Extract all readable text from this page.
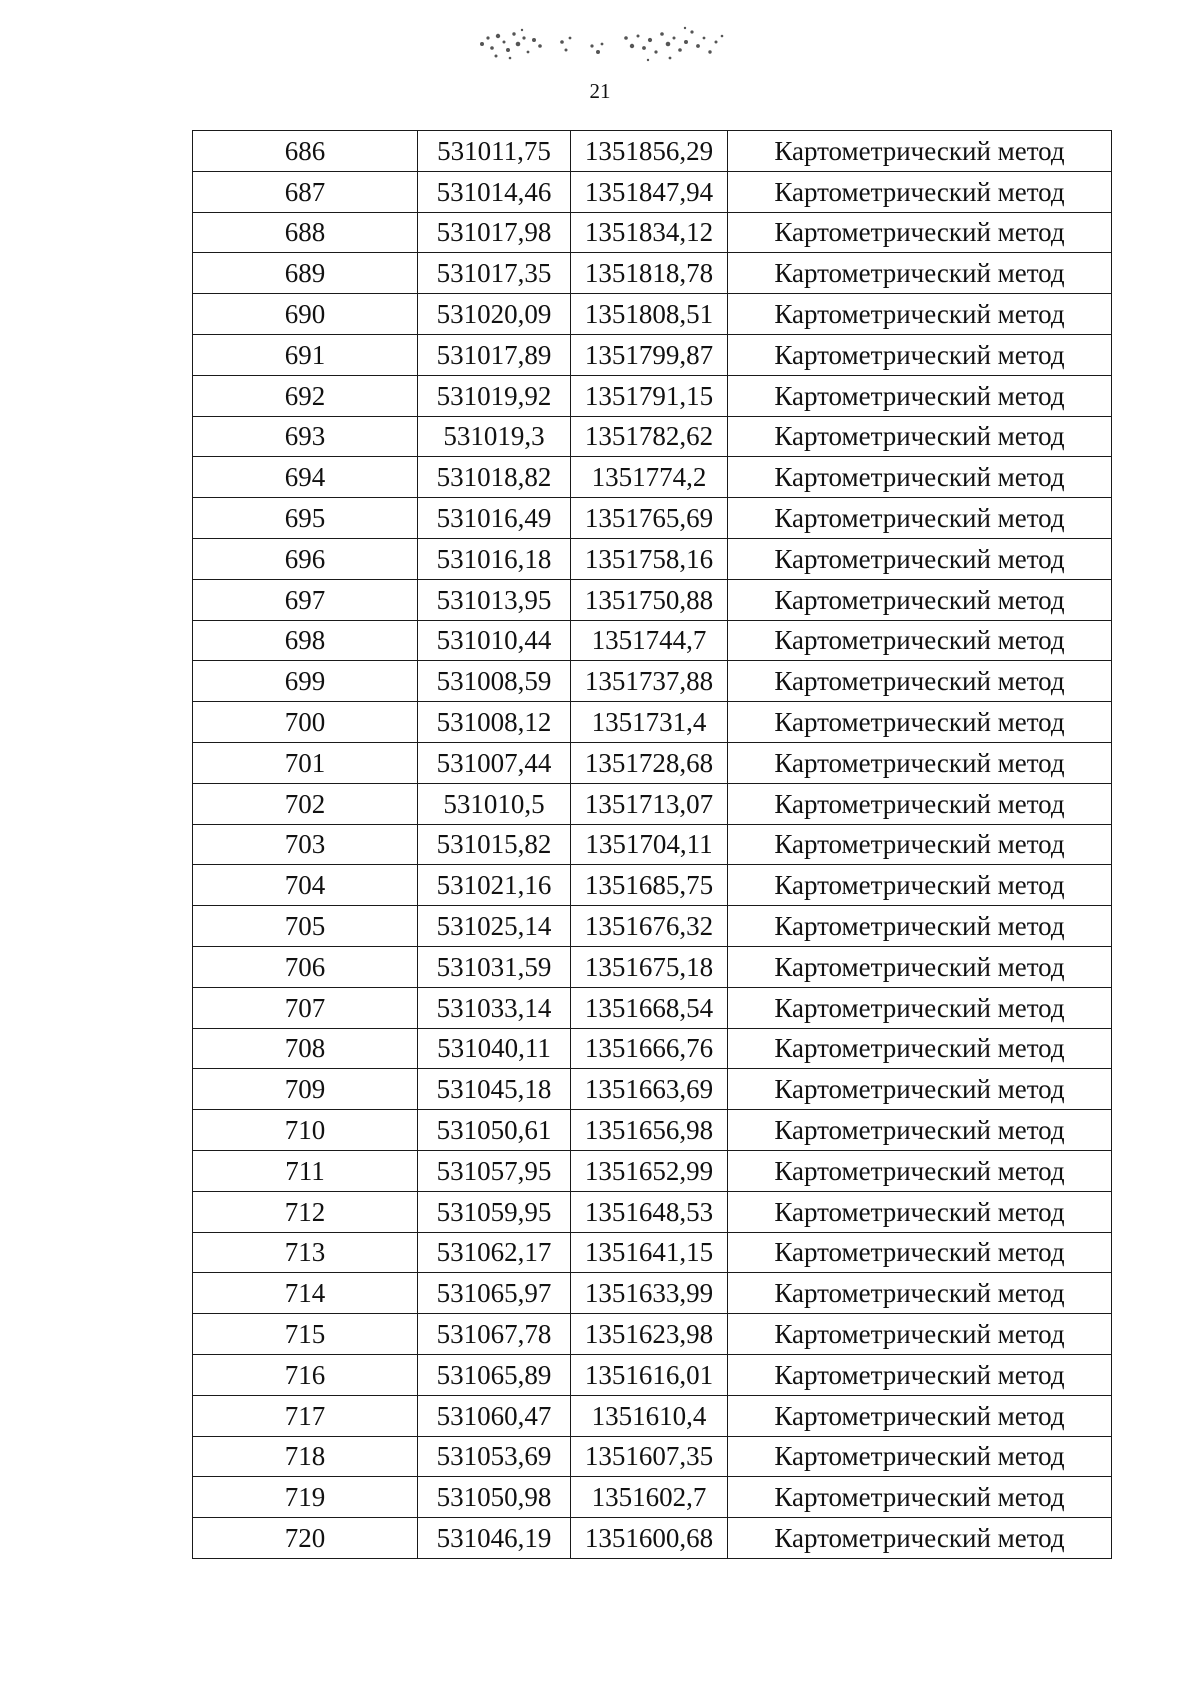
21
686	531011,75	1351856,29	Картометрический метод
687	531014,46	1351847,94	Картометрический метод
688	531017,98	1351834,12	Картометрический метод
689	531017,35	1351818,78	Картометрический метод
690	531020,09	1351808,51	Картометрический метод
691	531017,89	1351799,87	Картометрический метод
692	531019,92	1351791,15	Картометрический метод
693	531019,3	1351782,62	Картометрический метод
694	531018,82	1351774,2	Картометрический метод
695	531016,49	1351765,69	Картометрический метод
696	531016,18	1351758,16	Картометрический метод
697	531013,95	1351750,88	Картометрический метод
698	531010,44	1351744,7	Картометрический метод
699	531008,59	1351737,88	Картометрический метод
700	531008,12	1351731,4	Картометрический метод
701	531007,44	1351728,68	Картометрический метод
702	531010,5	1351713,07	Картометрический метод
703	531015,82	1351704,11	Картометрический метод
704	531021,16	1351685,75	Картометрический метод
705	531025,14	1351676,32	Картометрический метод
706	531031,59	1351675,18	Картометрический метод
707	531033,14	1351668,54	Картометрический метод
708	531040,11	1351666,76	Картометрический метод
709	531045,18	1351663,69	Картометрический метод
710	531050,61	1351656,98	Картометрический метод
711	531057,95	1351652,99	Картометрический метод
712	531059,95	1351648,53	Картометрический метод
713	531062,17	1351641,15	Картометрический метод
714	531065,97	1351633,99	Картометрический метод
715	531067,78	1351623,98	Картометрический метод
716	531065,89	1351616,01	Картометрический метод
717	531060,47	1351610,4	Картометрический метод
718	531053,69	1351607,35	Картометрический метод
719	531050,98	1351602,7	Картометрический метод
720	531046,19	1351600,68	Картометрический метод
